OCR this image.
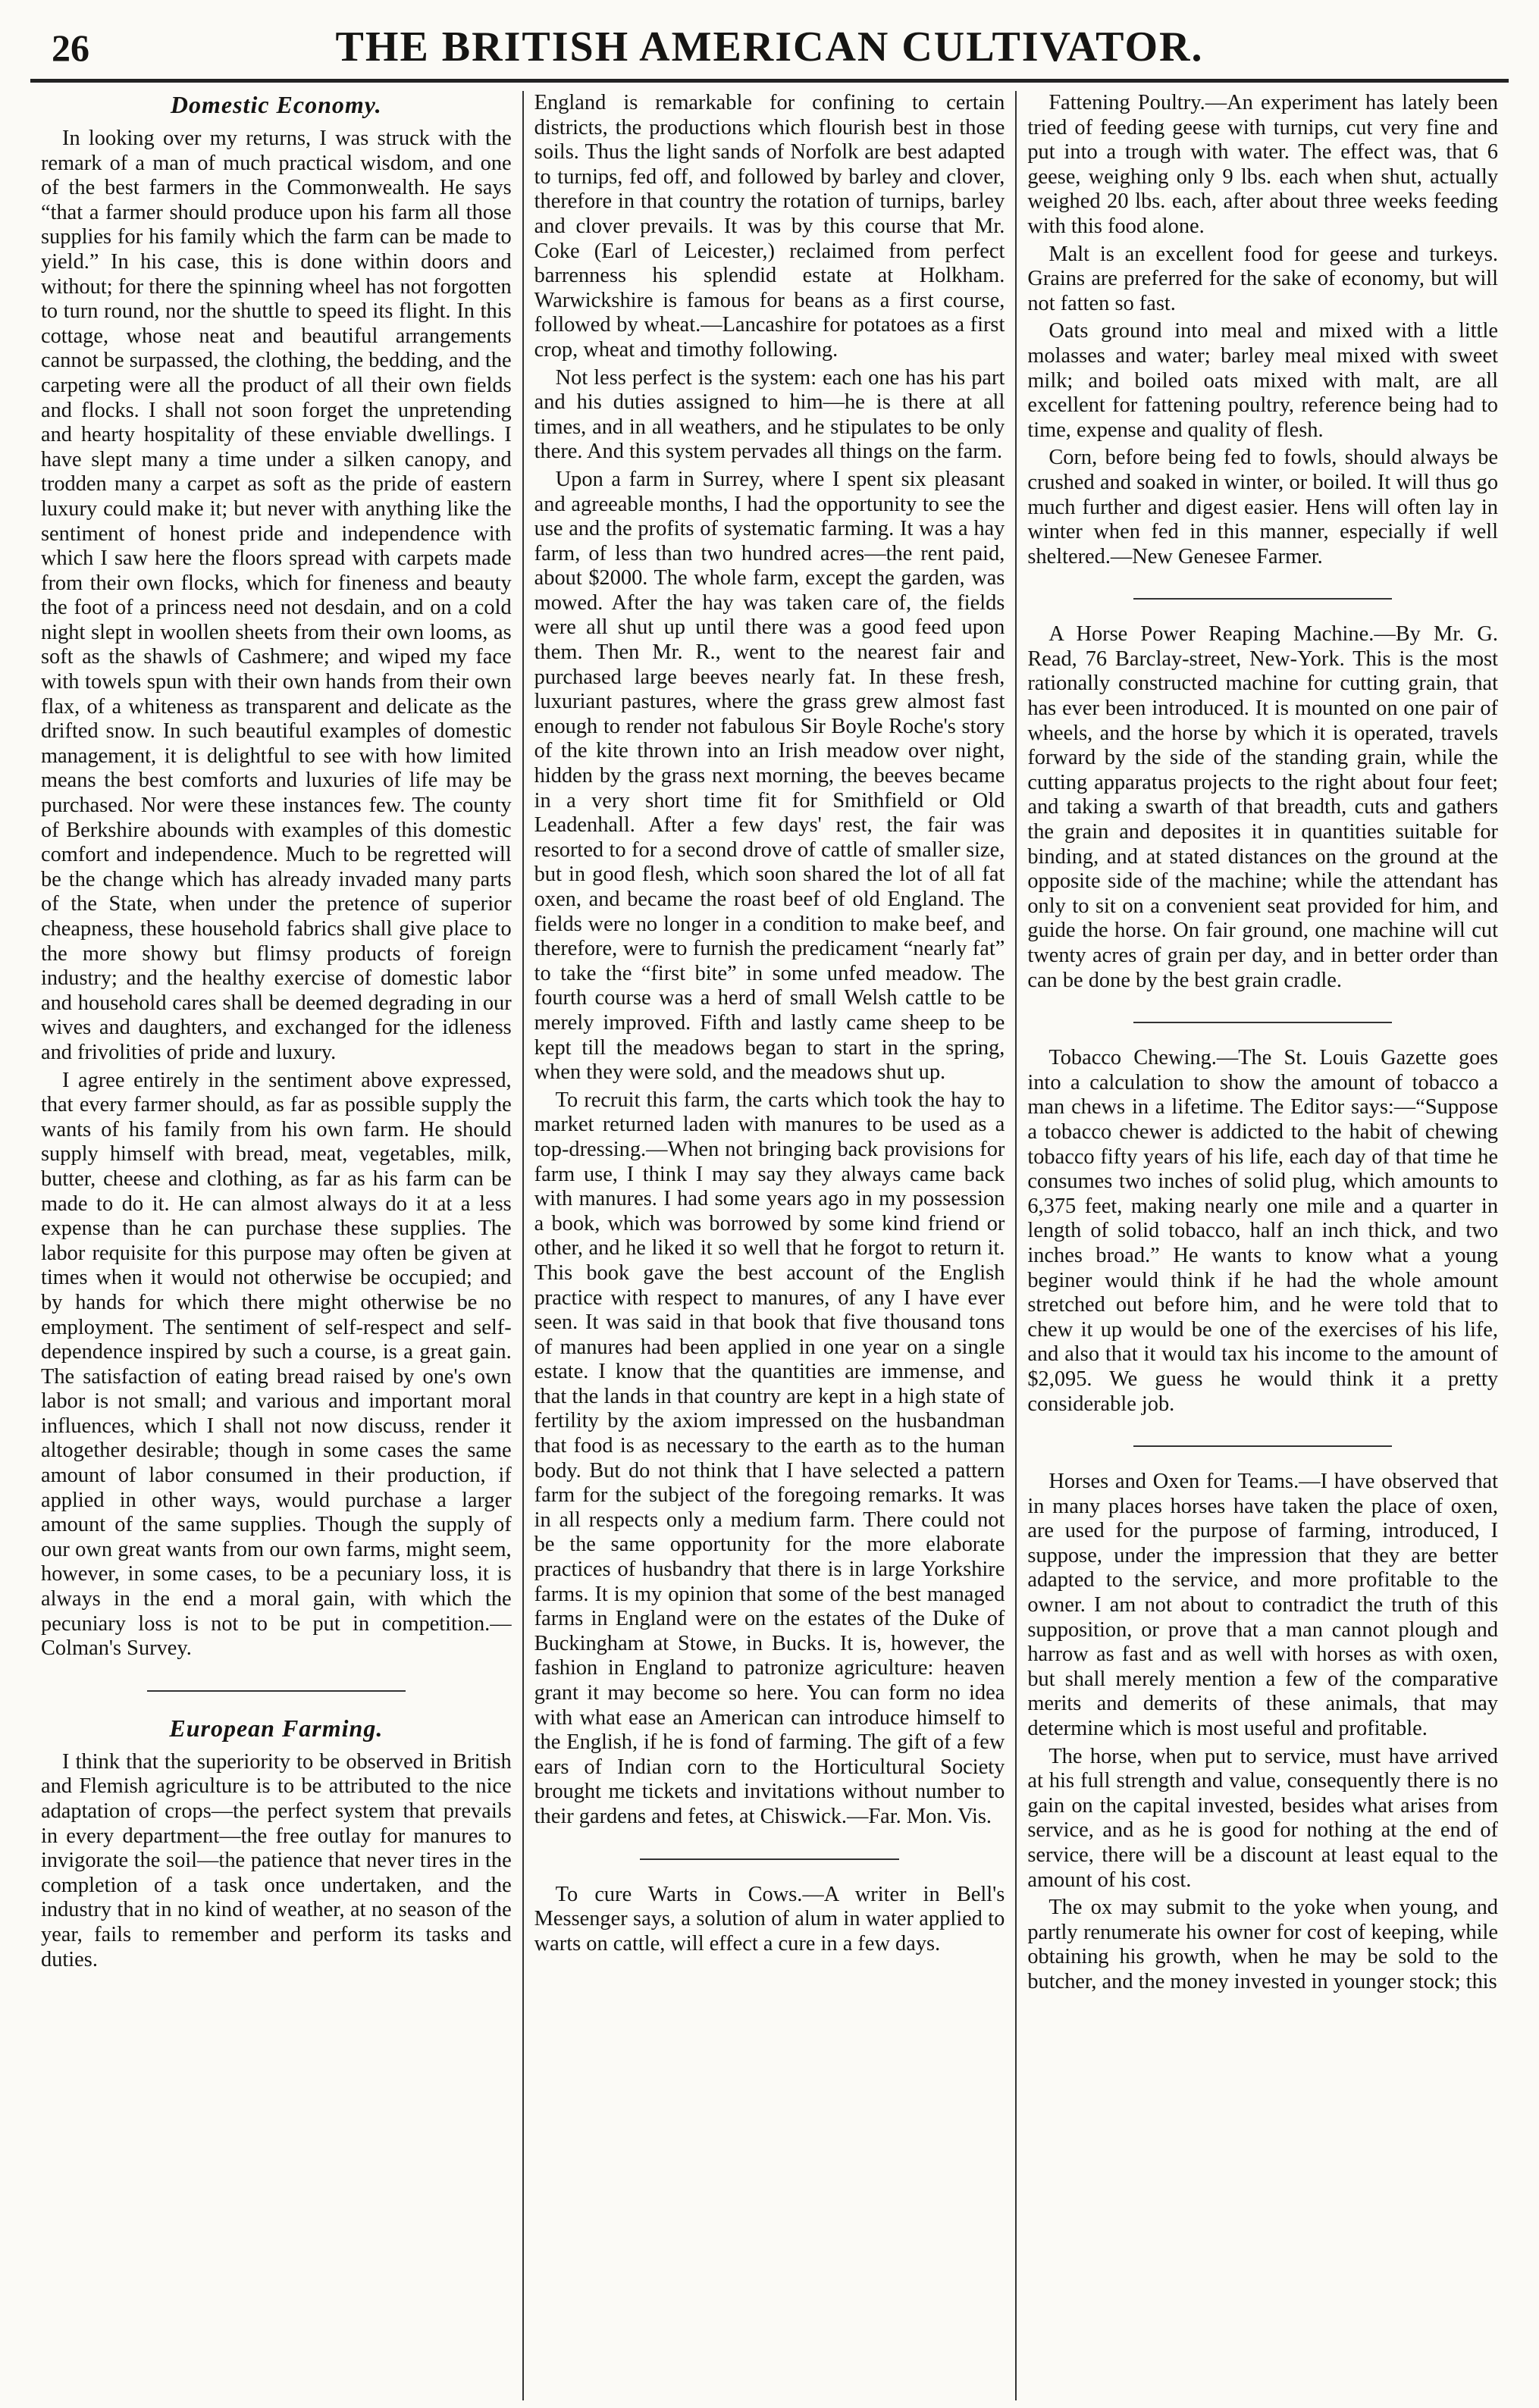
26	THE BRITISH AMERICAN CULTIVATOR.
Domestic Economy.

In looking over my returns, I was struck with the remark of a man of much practical wisdom, and one of the best farmers in the Commonwealth. He says “that a farmer should produce upon his farm all those supplies for his family which the farm can be made to yield.” In his case, this is done within doors and without; for there the spinning wheel has not forgotten to turn round, nor the shuttle to speed its flight. In this cottage, whose neat and beautiful arrangements cannot be surpassed, the clothing, the bedding, and the carpeting were all the product of all their own fields and flocks. I shall not soon forget the unpretending and hearty hospitality of these enviable dwellings. I have slept many a time under a silken canopy, and trodden many a carpet as soft as the pride of eastern luxury could make it; but never with anything like the sentiment of honest pride and independence with which I saw here the floors spread with carpets made from their own flocks, which for fineness and beauty the foot of a princess need not desdain, and on a cold night slept in woollen sheets from their own looms, as soft as the shawls of Cashmere; and wiped my face with towels spun with their own hands from their own flax, of a whiteness as transparent and delicate as the drifted snow. In such beautiful examples of domestic management, it is delightful to see with how limited means the best comforts and luxuries of life may be purchased. Nor were these instances few. The county of Berkshire abounds with examples of this domestic comfort and independence. Much to be regretted will be the change which has already invaded many parts of the State, when under the pretence of superior cheapness, these household fabrics shall give place to the more showy but flimsy products of foreign industry; and the healthy exercise of domestic labor and household cares shall be deemed degrading in our wives and daughters, and exchanged for the idleness and frivolities of pride and luxury.

I agree entirely in the sentiment above expressed, that every farmer should, as far as possible supply the wants of his family from his own farm. He should supply himself with bread, meat, vegetables, milk, butter, cheese and clothing, as far as his farm can be made to do it. He can almost always do it at a less expense than he can purchase these supplies. The labor requisite for this purpose may often be given at times when it would not otherwise be occupied; and by hands for which there might otherwise be no employment. The sentiment of self-respect and self-dependence inspired by such a course, is a great gain. The satisfaction of eating bread raised by one's own labor is not small; and various and important moral influences, which I shall not now discuss, render it altogether desirable; though in some cases the same amount of labor consumed in their production, if applied in other ways, would purchase a larger amount of the same supplies. Though the supply of our own great wants from our own farms, might seem, however, in some cases, to be a pecuniary loss, it is always in the end a moral gain, with which the pecuniary loss is not to be put in competition.—Colman's Survey.

European Farming.

I think that the superiority to be observed in British and Flemish agriculture is to be attributed to the nice adaptation of crops—the perfect system that prevails in every department—the free outlay for manures to invigorate the soil—the patience that never tires in the completion of a task once undertaken, and the industry that in no kind of weather, at no season of the year, fails to remember and perform its tasks and duties.

England is remarkable for confining to certain districts, the productions which flourish best in those soils. Thus the light sands of Norfolk are best adapted to turnips, fed off, and followed by barley and clover, therefore in that country the rotation of turnips, barley and clover prevails. It was by this course that Mr. Coke (Earl of Leicester,) reclaimed from perfect barrenness his splendid estate at Holkham. Warwickshire is famous for beans as a first course, followed by wheat.—Lancashire for potatoes as a first crop, wheat and timothy following.

Not less perfect is the system: each one has his part and his duties assigned to him—he is there at all times, and in all weathers, and he stipulates to be only there. And this system pervades all things on the farm.

Upon a farm in Surrey, where I spent six pleasant and agreeable months, I had the opportunity to see the use and the profits of systematic farming. It was a hay farm, of less than two hundred acres—the rent paid, about $2000. The whole farm, except the garden, was mowed. After the hay was taken care of, the fields were all shut up until there was a good feed upon them. Then Mr. R., went to the nearest fair and purchased large beeves nearly fat. In these fresh, luxuriant pastures, where the grass grew almost fast enough to render not fabulous Sir Boyle Roche's story of the kite thrown into an Irish meadow over night, hidden by the grass next morning, the beeves became in a very short time fit for Smithfield or Old Leadenhall. After a few days' rest, the fair was resorted to for a second drove of cattle of smaller size, but in good flesh, which soon shared the lot of all fat oxen, and became the roast beef of old England. The fields were no longer in a condition to make beef, and therefore, were to furnish the predicament “nearly fat” to take the “first bite” in some unfed meadow. The fourth course was a herd of small Welsh cattle to be merely improved. Fifth and lastly came sheep to be kept till the meadows began to start in the spring, when they were sold, and the meadows shut up.

To recruit this farm, the carts which took the hay to market returned laden with manures to be used as a top-dressing.—When not bringing back provisions for farm use, I think I may say they always came back with manures. I had some years ago in my possession a book, which was borrowed by some kind friend or other, and he liked it so well that he forgot to return it. This book gave the best account of the English practice with respect to manures, of any I have ever seen. It was said in that book that five thousand tons of manures had been applied in one year on a single estate. I know that the quantities are immense, and that the lands in that country are kept in a high state of fertility by the axiom impressed on the husbandman that food is as necessary to the earth as to the human body. But do not think that I have selected a pattern farm for the subject of the foregoing remarks. It was in all respects only a medium farm. There could not be the same opportunity for the more elaborate practices of husbandry that there is in large Yorkshire farms. It is my opinion that some of the best managed farms in England were on the estates of the Duke of Buckingham at Stowe, in Bucks. It is, however, the fashion in England to patronize agriculture: heaven grant it may become so here. You can form no idea with what ease an American can introduce himself to the English, if he is fond of farming. The gift of a few ears of Indian corn to the Horticultural Society brought me tickets and invitations without number to their gardens and fetes, at Chiswick.—Far. Mon. Vis.

To cure Warts in Cows.—A writer in Bell's Messenger says, a solution of alum in water applied to warts on cattle, will effect a cure in a few days.

Fattening Poultry.—An experiment has lately been tried of feeding geese with turnips, cut very fine and put into a trough with water. The effect was, that 6 geese, weighing only 9 lbs. each when shut, actually weighed 20 lbs. each, after about three weeks feeding with this food alone.

Malt is an excellent food for geese and turkeys. Grains are preferred for the sake of economy, but will not fatten so fast.

Oats ground into meal and mixed with a little molasses and water; barley meal mixed with sweet milk; and boiled oats mixed with malt, are all excellent for fattening poultry, reference being had to time, expense and quality of flesh.

Corn, before being fed to fowls, should always be crushed and soaked in winter, or boiled. It will thus go much further and digest easier. Hens will often lay in winter when fed in this manner, especially if well sheltered.—New Genesee Farmer.

A Horse Power Reaping Machine.—By Mr. G. Read, 76 Barclay-street, New-York. This is the most rationally constructed machine for cutting grain, that has ever been introduced. It is mounted on one pair of wheels, and the horse by which it is operated, travels forward by the side of the standing grain, while the cutting apparatus projects to the right about four feet; and taking a swarth of that breadth, cuts and gathers the grain and deposites it in quantities suitable for binding, and at stated distances on the ground at the opposite side of the machine; while the attendant has only to sit on a convenient seat provided for him, and guide the horse. On fair ground, one machine will cut twenty acres of grain per day, and in better order than can be done by the best grain cradle.

Tobacco Chewing.—The St. Louis Gazette goes into a calculation to show the amount of tobacco a man chews in a lifetime. The Editor says:—“Suppose a tobacco chewer is addicted to the habit of chewing tobacco fifty years of his life, each day of that time he consumes two inches of solid plug, which amounts to 6,375 feet, making nearly one mile and a quarter in length of solid tobacco, half an inch thick, and two inches broad.” He wants to know what a young beginer would think if he had the whole amount stretched out before him, and he were told that to chew it up would be one of the exercises of his life, and also that it would tax his income to the amount of $2,095. We guess he would think it a pretty considerable job.

Horses and Oxen for Teams.—I have observed that in many places horses have taken the place of oxen, are used for the purpose of farming, introduced, I suppose, under the impression that they are better adapted to the service, and more profitable to the owner. I am not about to contradict the truth of this supposition, or prove that a man cannot plough and harrow as fast and as well with horses as with oxen, but shall merely mention a few of the comparative merits and demerits of these animals, that may determine which is most useful and profitable.

The horse, when put to service, must have arrived at his full strength and value, consequently there is no gain on the capital invested, besides what arises from service, and as he is good for nothing at the end of service, there will be a discount at least equal to the amount of his cost.

The ox may submit to the yoke when young, and partly renumerate his owner for cost of keeping, while obtaining his growth, when he may be sold to the butcher, and the money invested in younger stock; this
